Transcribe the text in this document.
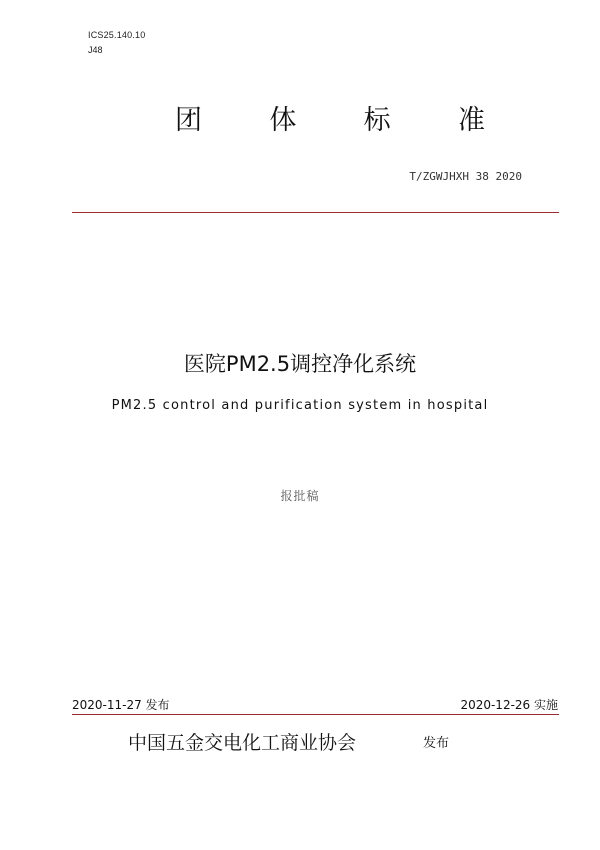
ICS25.140.10
J48
团 体 标 准
T/ZGWJHXH 38 2020
医院PM2.5调控净化系统
PM2.5 control and purification system in hospital
报批稿
2020-11-27 发布	2020-12-26 实施
中国五金交电化工商业协会	发布
